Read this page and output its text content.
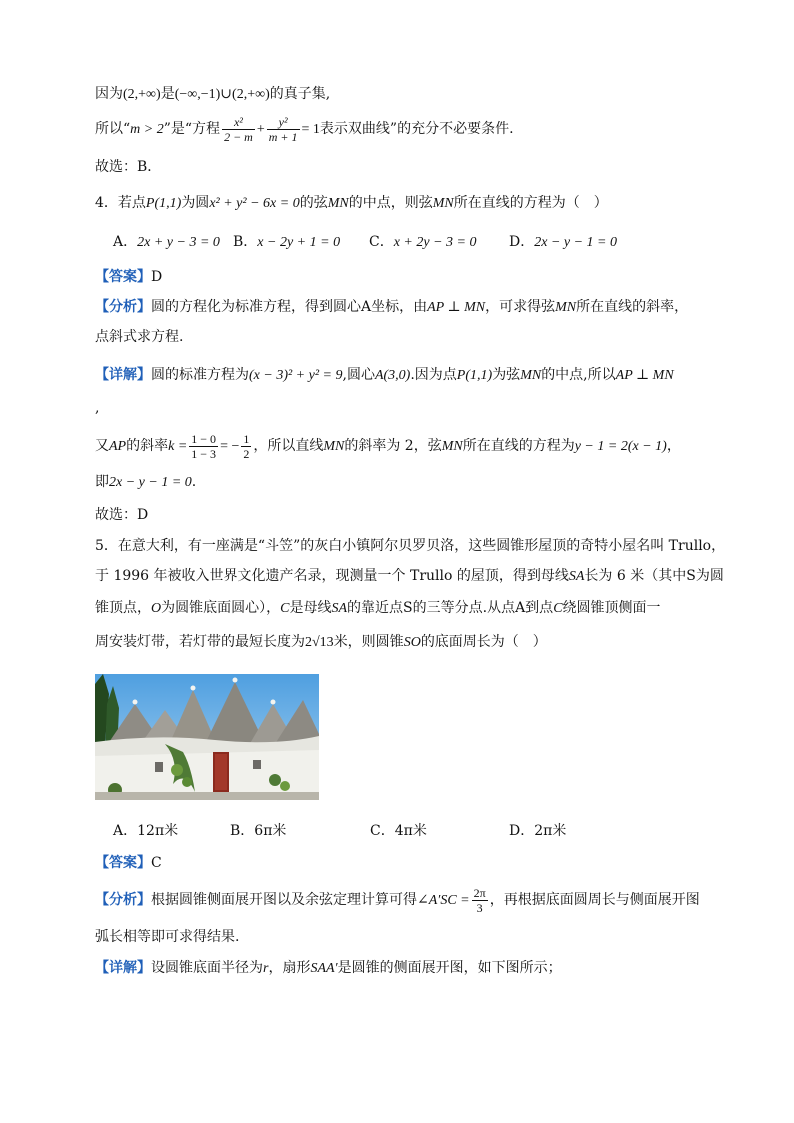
因为(2,+∞)是(−∞,−1)∪(2,+∞)的真子集,
所以“m > 2”是“方程 $\frac{\text{x²}}{2 - m} + \frac{\text{y²}}{m + 1} = 1$表示双曲线”的充分不必要条件.
故选：B．
4．若点P(1,1)为圆x² + y² − 6x = 0的弦MN的中点，则弦MN所在直线的方程为（　）
A．2x + y − 3 = 0 B．x − 2y + 1 = 0 C．x + 2y − 3 = 0 D．2x − y − 1 = 0
【答案】D
【分析】圆的方程化为标准方程，得到圆心A坐标，由AP ⊥ MN，可求得弦MN所在直线的斜率，
点斜式求方程.
【详解】圆的标准方程为(x − 3)² + y² = 9,圆心A(3,0).因为点P(1,1)为弦MN的中点,所以AP ⊥ MN
,
又AP的斜率$k = \frac{1 - 0}{1 - 3}$ = − $\frac{1}{2}$ ，所以直线MN的斜率为 2，弦MN所在直线的方程为y − 1 = 2(x − 1)，
即2x − y − 1 = 0.
故选：D
5．在意大利，有一座满是“斗笠”的灰白小镇阿尔贝罗贝洛，这些圆锥形屋顶的奇特小屋名叫 Trullo，
于 1996 年被收入世界文化遗产名录，现测量一个 Trullo 的屋顶，得到母线SA长为 6 米（其中S为圆
锥顶点，O为圆锥底面圆心），C是母线SA的靠近点S的三等分点.从点A到点C绕圆锥顶侧面一
周安装灯带，若灯带的最短长度为2√13米，则圆锥SO的底面周长为（　）
A．12π米	B．6π米	C．4π米	D．2π米
【答案】C
【分析】根据圆锥侧面展开图以及余弦定理计算可得∠A′SC = $\frac{2\pi}{3}$ ，再根据底面圆周长与侧面展开图
弧长相等即可求得结果.
【详解】设圆锥底面半径为r，扇形SAA′是圆锥的侧面展开图，如下图所示；
